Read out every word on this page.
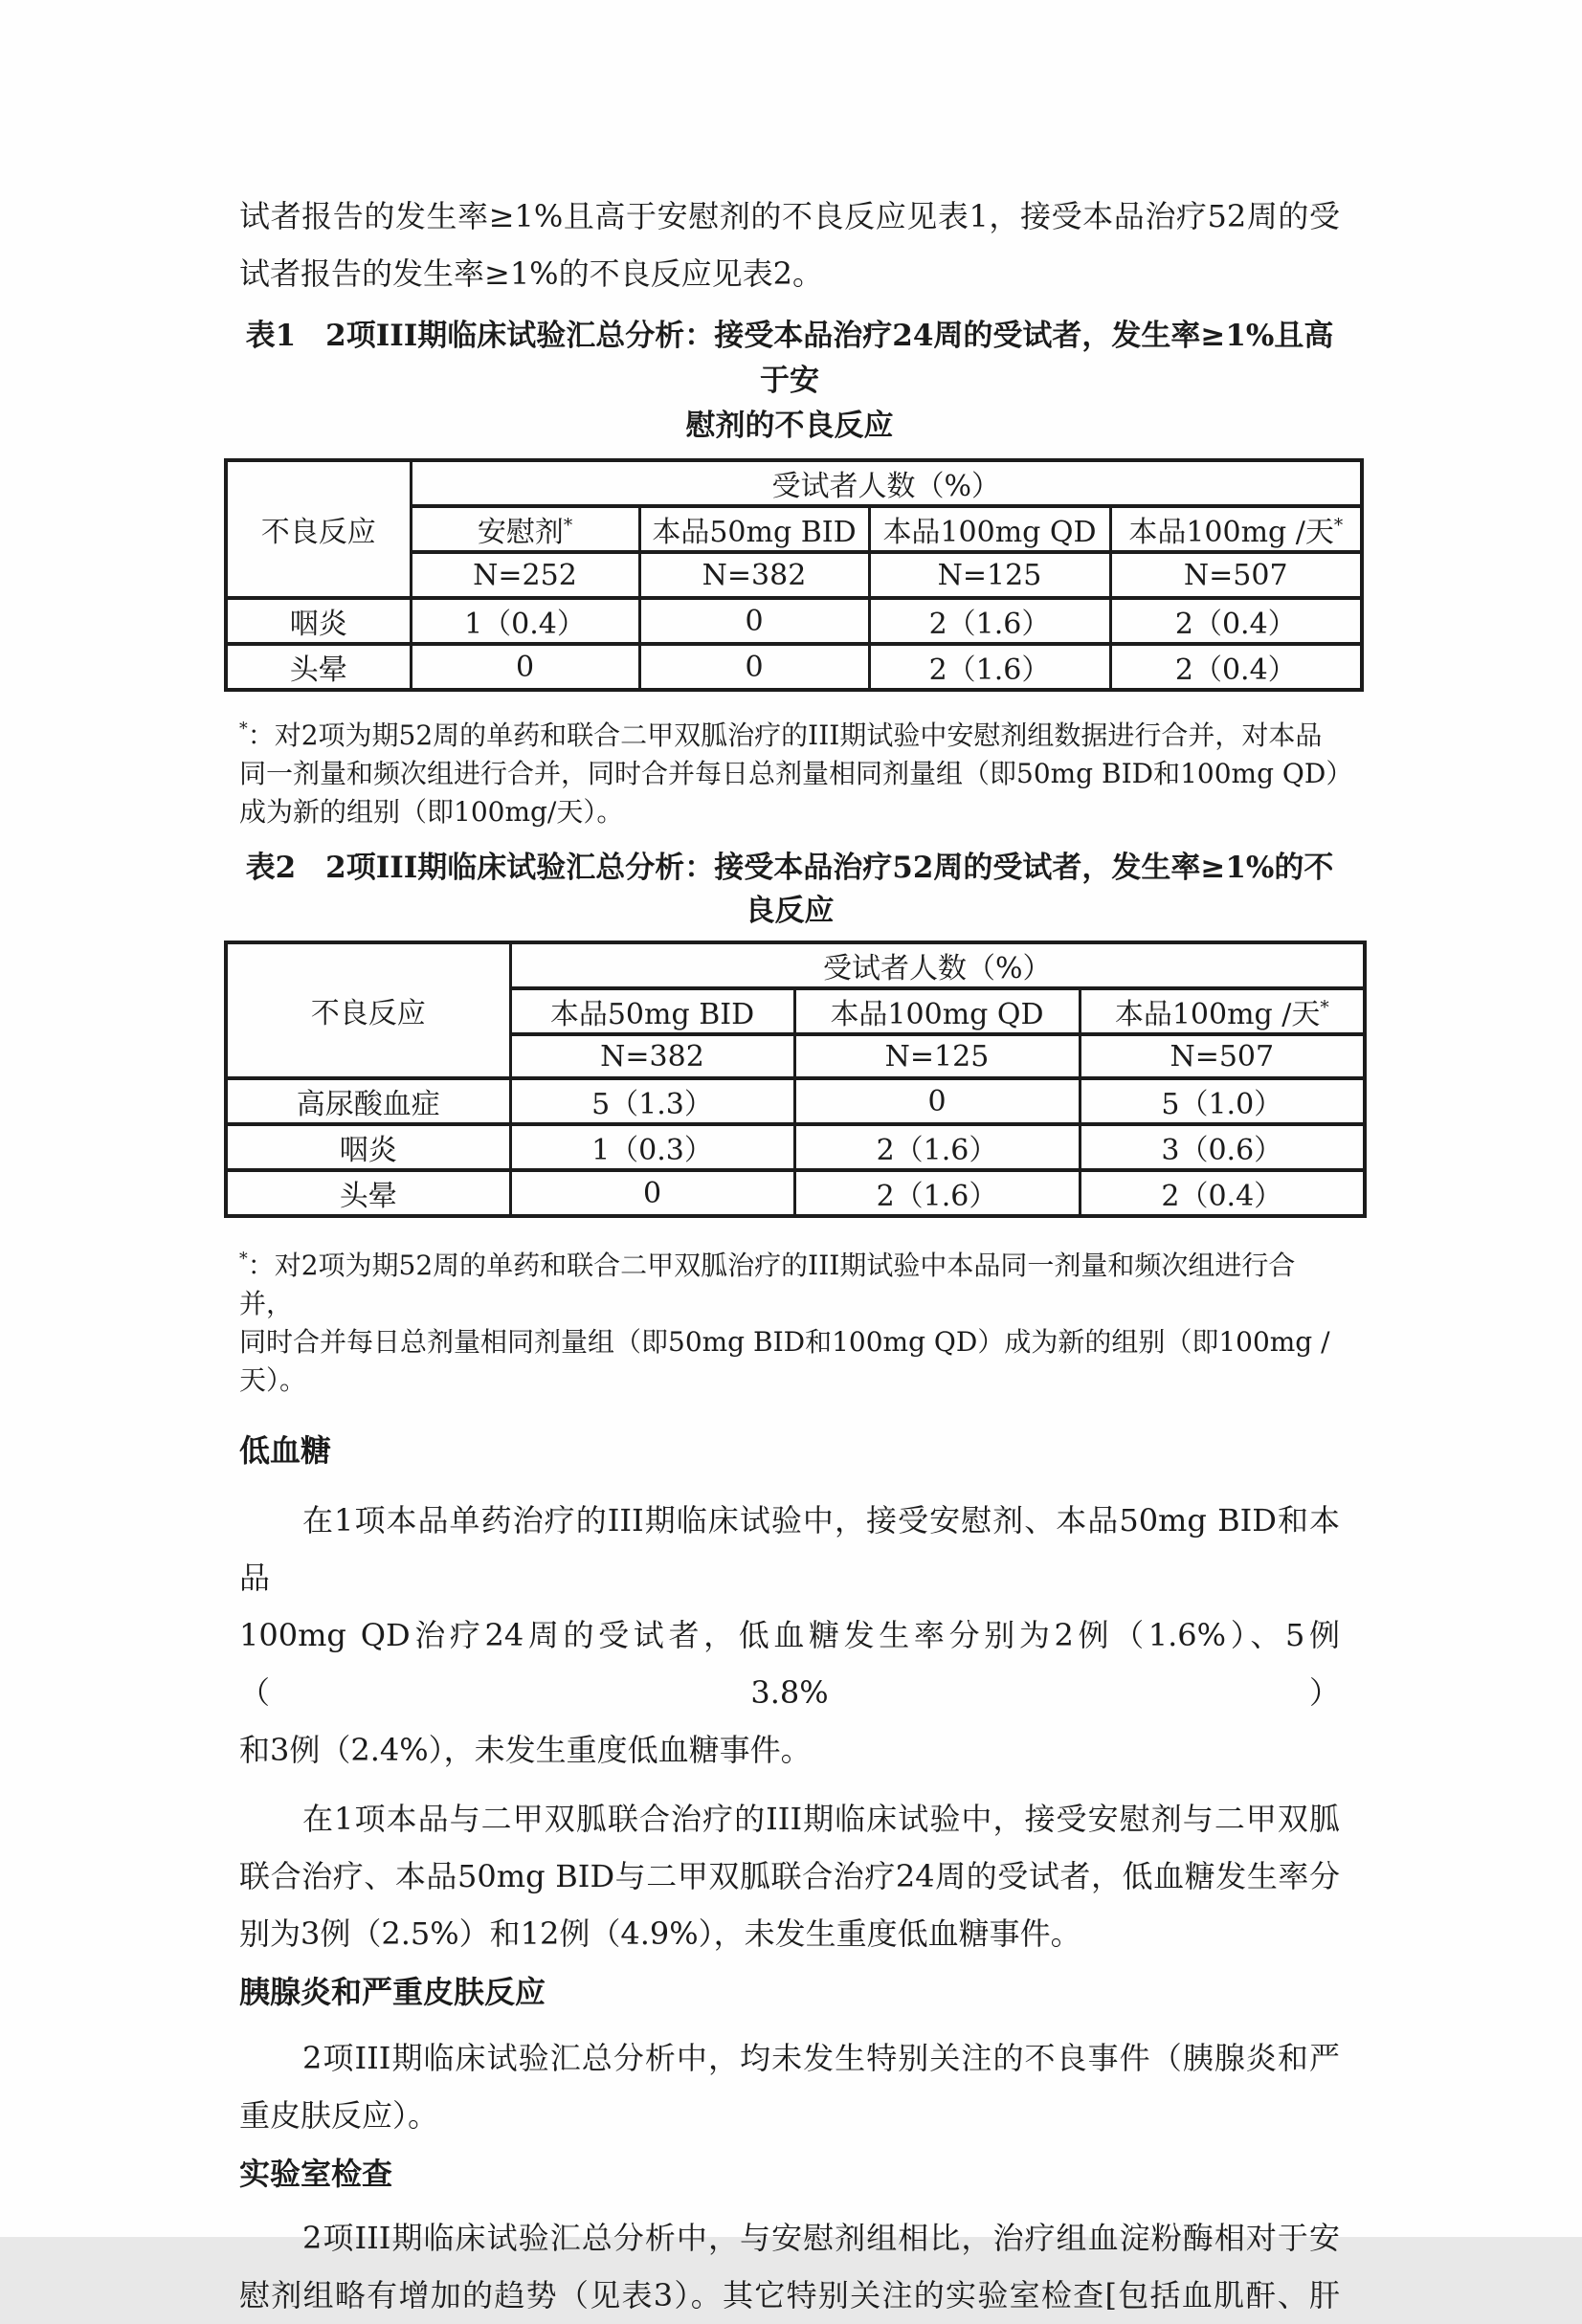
试者报告的发生率≥1%且高于安慰剂的不良反应见表1，接受本品治疗52周的受
试者报告的发生率≥1%的不良反应见表2。
表1　2项III期临床试验汇总分析：接受本品治疗24周的受试者，发生率≥1%且高于安
慰剂的不良反应
不良反应	受试者人数（%）			
	安慰剂*	本品50mg BID	本品100mg QD	本品100mg /天*
	N=252	N=382	N=125	N=507
咽炎	1（0.4）	0	2（1.6）	2（0.4）
头晕	0	0	2（1.6）	2（0.4）
*：对2项为期52周的单药和联合二甲双胍治疗的III期试验中安慰剂组数据进行合并，对本品
同一剂量和频次组进行合并，同时合并每日总剂量相同剂量组（即50mg BID和100mg QD）
成为新的组别（即100mg/天）。
表2　2项III期临床试验汇总分析：接受本品治疗52周的受试者，发生率≥1%的不良反应
不良反应	受试者人数（%）		
	本品50mg BID	本品100mg QD	本品100mg /天*
	N=382	N=125	N=507
高尿酸血症	5（1.3）	0	5（1.0）
咽炎	1（0.3）	2（1.6）	3（0.6）
头晕	0	2（1.6）	2（0.4）
*：对2项为期52周的单药和联合二甲双胍治疗的III期试验中本品同一剂量和频次组进行合并，
同时合并每日总剂量相同剂量组（即50mg BID和100mg QD）成为新的组别（即100mg /天）。
低血糖
在1项本品单药治疗的III期临床试验中，接受安慰剂、本品50mg BID和本品
100mg QD治疗24周的受试者，低血糖发生率分别为2例（1.6%）、5例（3.8%）
和3例（2.4%），未发生重度低血糖事件。
在1项本品与二甲双胍联合治疗的III期临床试验中，接受安慰剂与二甲双胍
联合治疗、本品50mg BID与二甲双胍联合治疗24周的受试者，低血糖发生率分
别为3例（2.5%）和12例（4.9%），未发生重度低血糖事件。
胰腺炎和严重皮肤反应
2项III期临床试验汇总分析中，均未发生特别关注的不良事件（胰腺炎和严
重皮肤反应）。
实验室检查
2项III期临床试验汇总分析中，与安慰剂组相比，治疗组血淀粉酶相对于安
慰剂组略有增加的趋势（见表3）。其它特别关注的实验室检查[包括血肌酐、肝
